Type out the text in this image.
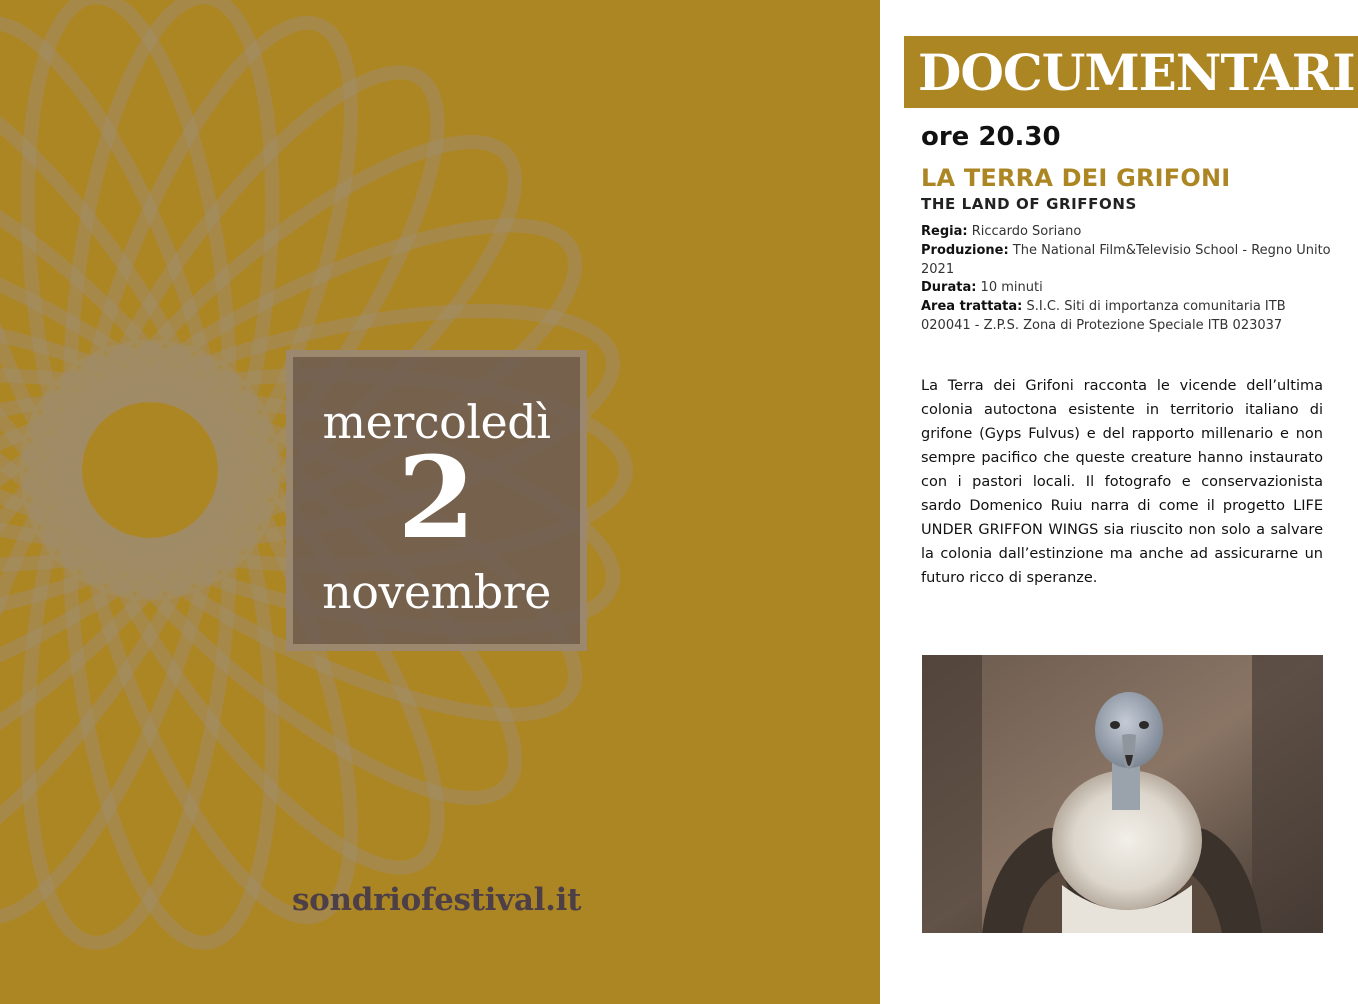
mercoledì
2
novembre
sondriofestival.it
DOCUMENTARI
ore 20.30
LA TERRA DEI GRIFONI
THE LAND OF GRIFFONS
Regia: Riccardo Soriano
Produzione: The National Film&Televisio School - Regno Unito 2021
Durata: 10 minuti
Area trattata: S.I.C. Siti di importanza comunitaria ITB 020041 - Z.P.S. Zona di Protezione Speciale ITB 023037
La Terra dei Grifoni racconta le vicende dell’ultima colonia autoctona esistente in territorio italiano di grifone (Gyps Fulvus) e del rapporto millenario e non sempre pacifico che queste creature hanno instaurato con i pastori locali. Il fotografo e conservazionista sardo Domenico Ruiu narra di come il progetto LIFE UNDER GRIFFON WINGS sia riuscito non solo a salvare la colonia dall’estinzione ma anche ad assicurarne un futuro ricco di speranze.
